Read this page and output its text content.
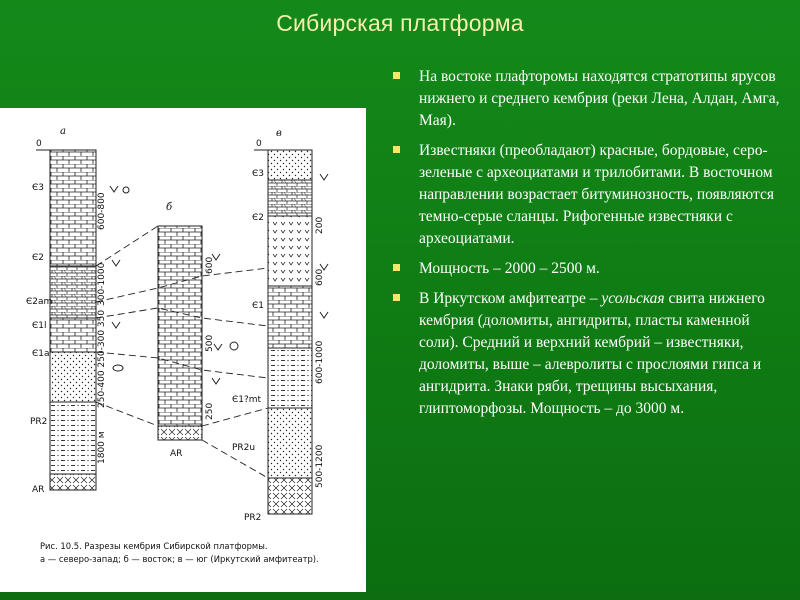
Сибирская платформа
а
б
в
0
Є3
Є2
Є2am
Є1l
Є1a
PR2
AR
AR
0
Є3
Є2
Є1
Є1?mt
PR2u
PR2
600-800
300-1000
250-400 250-300 350
1800 м
600
500
250
200
600
600-1000
500-1200
Рис. 10.5. Разрезы кембрия Сибирской платформы.
а — северо-запад; б — восток; в — юг (Иркутский амфитеатр).
На востоке плафторомы находятся стратотипы ярусов нижнего и среднего кембрия (реки Лена, Алдан, Амга, Мая).
Известняки (преобладают) красные, бордовые, серо-зеленые с археоциатами и трилобитами. В восточном направлении возрастает битуминозность, появляются темно-серые сланцы. Рифогенные известняки с археоциатами.
Мощность – 2000 – 2500 м.
В Иркутском амфитеатре – усольская свита нижнего кембрия (доломиты, ангидриты, пласты каменной соли). Средний и верхний кембрий – известняки, доломиты, выше – алевролиты с прослоями гипса и ангидрита. Знаки ряби, трещины высыхания, глиптоморфозы. Мощность – до 3000 м.
